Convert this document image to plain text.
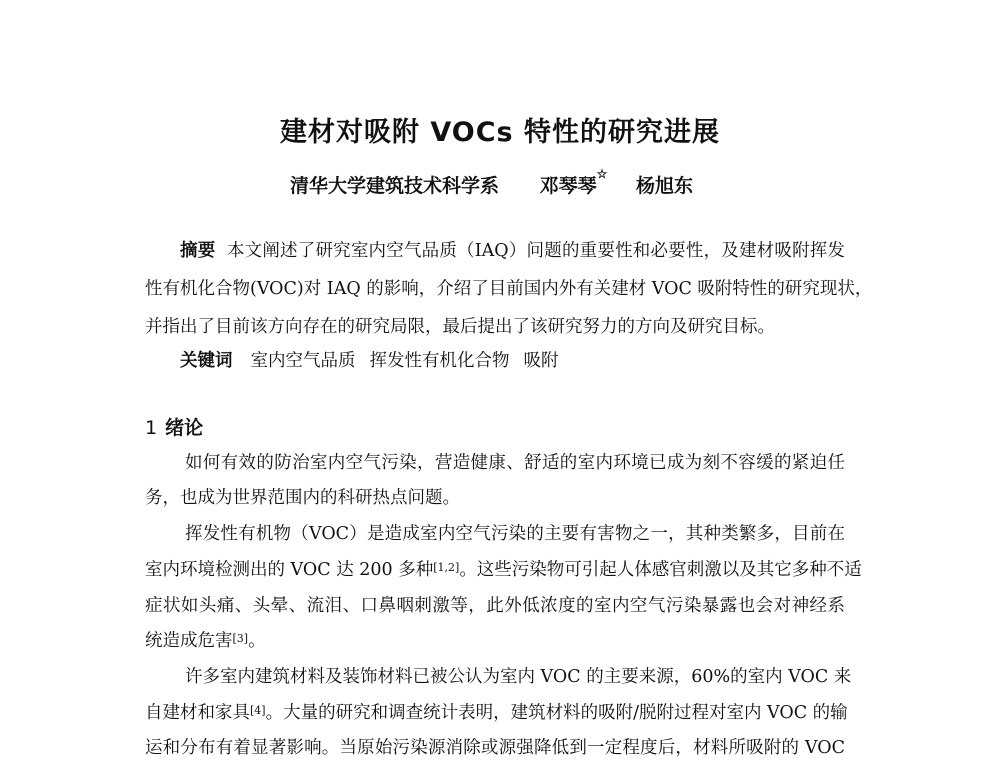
建材对吸附 VOCs 特性的研究进展
清华大学建筑技术科学系 邓琴琴☆ 杨旭东
摘要 本文阐述了研究室内空气品质（IAQ）问题的重要性和必要性，及建材吸附挥发
性有机化合物(VOC)对 IAQ 的影响，介绍了目前国内外有关建材 VOC 吸附特性的研究现状，
并指出了目前该方向存在的研究局限，最后提出了该研究努力的方向及研究目标。
关键词 室内空气品质 挥发性有机化合物 吸附
1 绪论
如何有效的防治室内空气污染，营造健康、舒适的室内环境已成为刻不容缓的紧迫任
务，也成为世界范围内的科研热点问题。
挥发性有机物（VOC）是造成室内空气污染的主要有害物之一，其种类繁多，目前在
室内环境检测出的 VOC 达 200 多种[1,2]。这些污染物可引起人体感官刺激以及其它多种不适
症状如头痛、头晕、流泪、口鼻咽刺激等，此外低浓度的室内空气污染暴露也会对神经系
统造成危害[3]。
许多室内建筑材料及装饰材料已被公认为室内 VOC 的主要来源，60%的室内 VOC 来
自建材和家具[4]。大量的研究和调查统计表明，建筑材料的吸附/脱附过程对室内 VOC 的输
运和分布有着显著影响。当原始污染源消除或源强降低到一定程度后，材料所吸附的 VOC
